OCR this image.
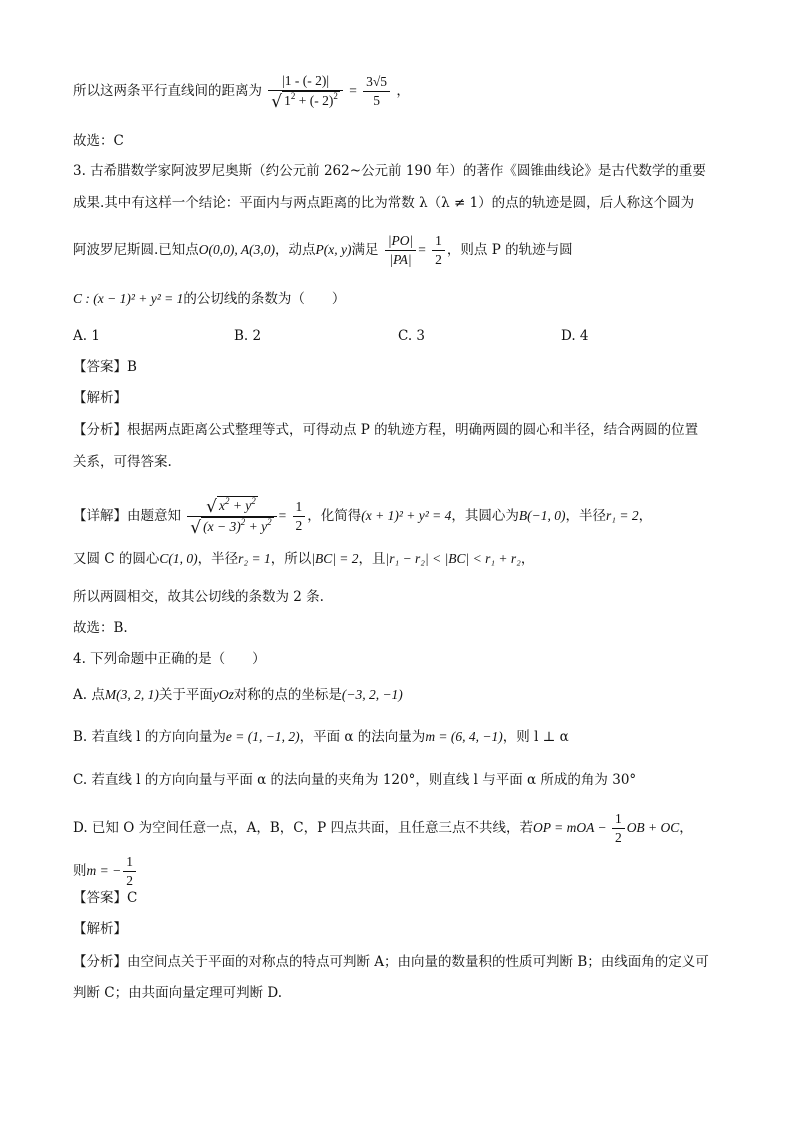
所以这两条平行直线间的距离为 $\frac{|1 - (- 2)|}{√ 1^2 + (- 2)^2} = \frac{3√5}{5}$ ，
故选：C
3. 古希腊数学家阿波罗尼奥斯（约公元前 262~公元前 190 年）的著作《圆锥曲线论》是古代数学的重要
成果.其中有这样一个结论：平面内与两点距离的比为常数 λ（λ ≠ 1）的点的轨迹是圆，后人称这个圆为
阿波罗尼斯圆.已知点O(0,0), A(3,0)，动点P(x, y)满足 $\frac{|PO|}{|PA|} = \frac{1}{2}$ ，则点 P 的轨迹与圆
C : (x − 1)² + y² = 1的公切线的条数为（　　）
A. 1	B. 2	C. 3	D. 4
【答案】B
【解析】
【分析】根据两点距离公式整理等式，可得动点 P 的轨迹方程，明确两圆的圆心和半径，结合两圆的位置
关系，可得答案.
【详解】由题意知 $\frac{√ x^2 + y^2}{√ (x - 3)^2 + y^2} = \frac{1}{2}$ ，化简得(x + 1)² + y² = 4，其圆心为B(−1, 0)，半径r₁ = 2，
又圆 C 的圆心C(1, 0)，半径r₂ = 1，所以|BC| = 2，且|r₁ − r₂| < |BC| < r₁ + r₂，
所以两圆相交，故其公切线的条数为 2 条.
故选：B.
4. 下列命题中正确的是（　　）
A. 点M(3, 2, 1)关于平面yOz对称的点的坐标是(−3, 2, −1)
B. 若直线 l 的方向向量为e = (1, −1, 2)，平面 α 的法向量为m = (6, 4, −1)，则 l ⊥ α
C. 若直线 l 的方向向量与平面 α 的法向量的夹角为 120°，则直线 l 与平面 α 所成的角为 30°
D. 已知 O 为空间任意一点，A，B，C，P 四点共面，且任意三点不共线，若OP = mOA − $\frac{1}{2}$ OB + OC，
则m = − $\frac{1}{2}$
【答案】C
【解析】
【分析】由空间点关于平面的对称点的特点可判断 A；由向量的数量积的性质可判断 B；由线面角的定义可
判断 C；由共面向量定理可判断 D.
